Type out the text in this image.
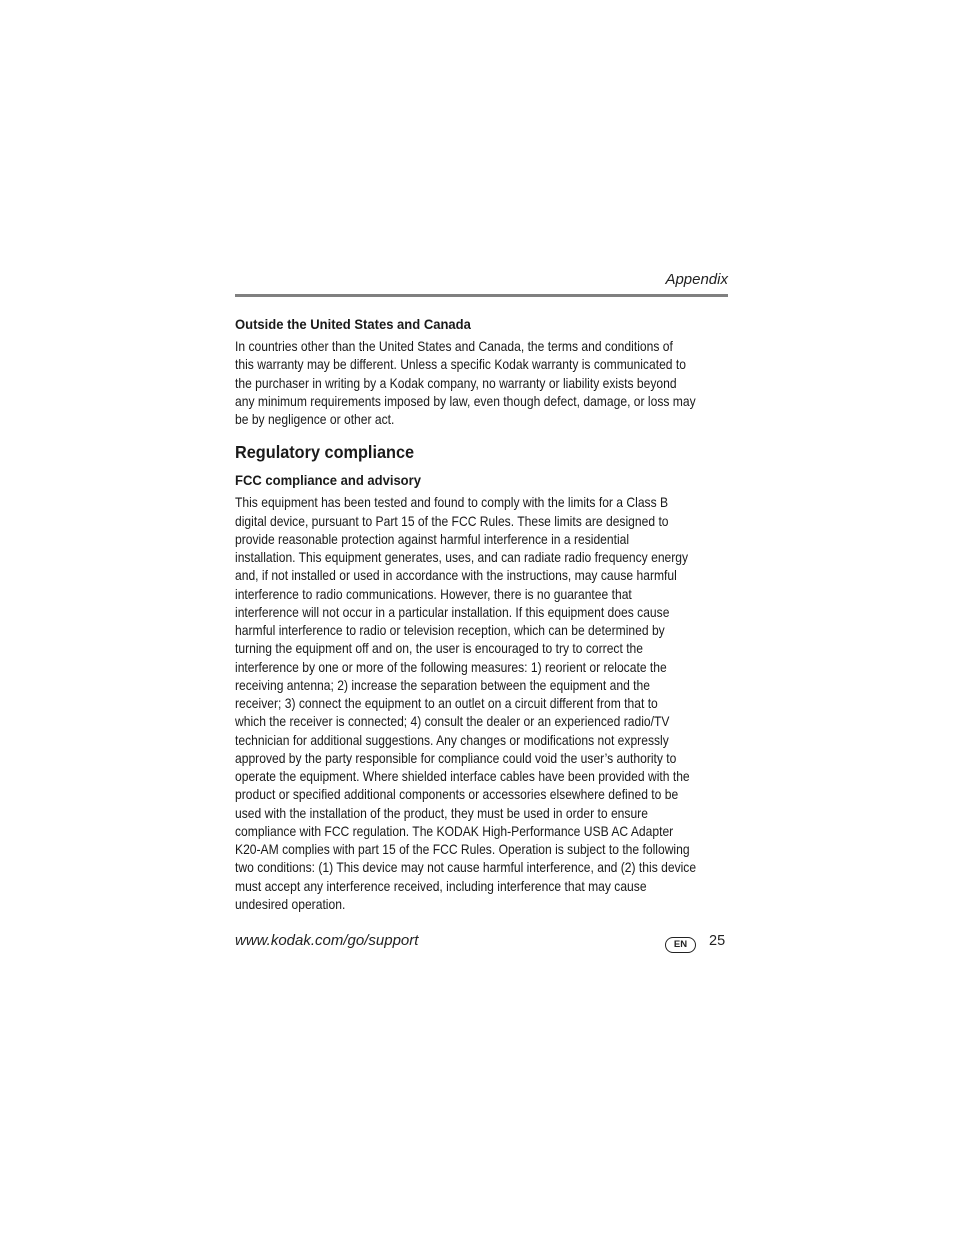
Appendix
Outside the United States and Canada
In countries other than the United States and Canada, the terms and conditions of
this warranty may be different. Unless a specific Kodak warranty is communicated to
the purchaser in writing by a Kodak company, no warranty or liability exists beyond
any minimum requirements imposed by law, even though defect, damage, or loss may
be by negligence or other act.
Regulatory compliance
FCC compliance and advisory
This equipment has been tested and found to comply with the limits for a Class B
digital device, pursuant to Part 15 of the FCC Rules. These limits are designed to
provide reasonable protection against harmful interference in a residential
installation. This equipment generates, uses, and can radiate radio frequency energy
and, if not installed or used in accordance with the instructions, may cause harmful
interference to radio communications. However, there is no guarantee that
interference will not occur in a particular installation. If this equipment does cause
harmful interference to radio or television reception, which can be determined by
turning the equipment off and on, the user is encouraged to try to correct the
interference by one or more of the following measures: 1) reorient or relocate the
receiving antenna; 2) increase the separation between the equipment and the
receiver; 3) connect the equipment to an outlet on a circuit different from that to
which the receiver is connected; 4) consult the dealer or an experienced radio/TV
technician for additional suggestions. Any changes or modifications not expressly
approved by the party responsible for compliance could void the user’s authority to
operate the equipment. Where shielded interface cables have been provided with the
product or specified additional components or accessories elsewhere defined to be
used with the installation of the product, they must be used in order to ensure
compliance with FCC regulation. The KODAK High-Performance USB AC Adapter
K20-AM complies with part 15 of the FCC Rules. Operation is subject to the following
two conditions: (1) This device may not cause harmful interference, and (2) this device
must accept any interference received, including interference that may cause
undesired operation.
www.kodak.com/go/support	EN	25
